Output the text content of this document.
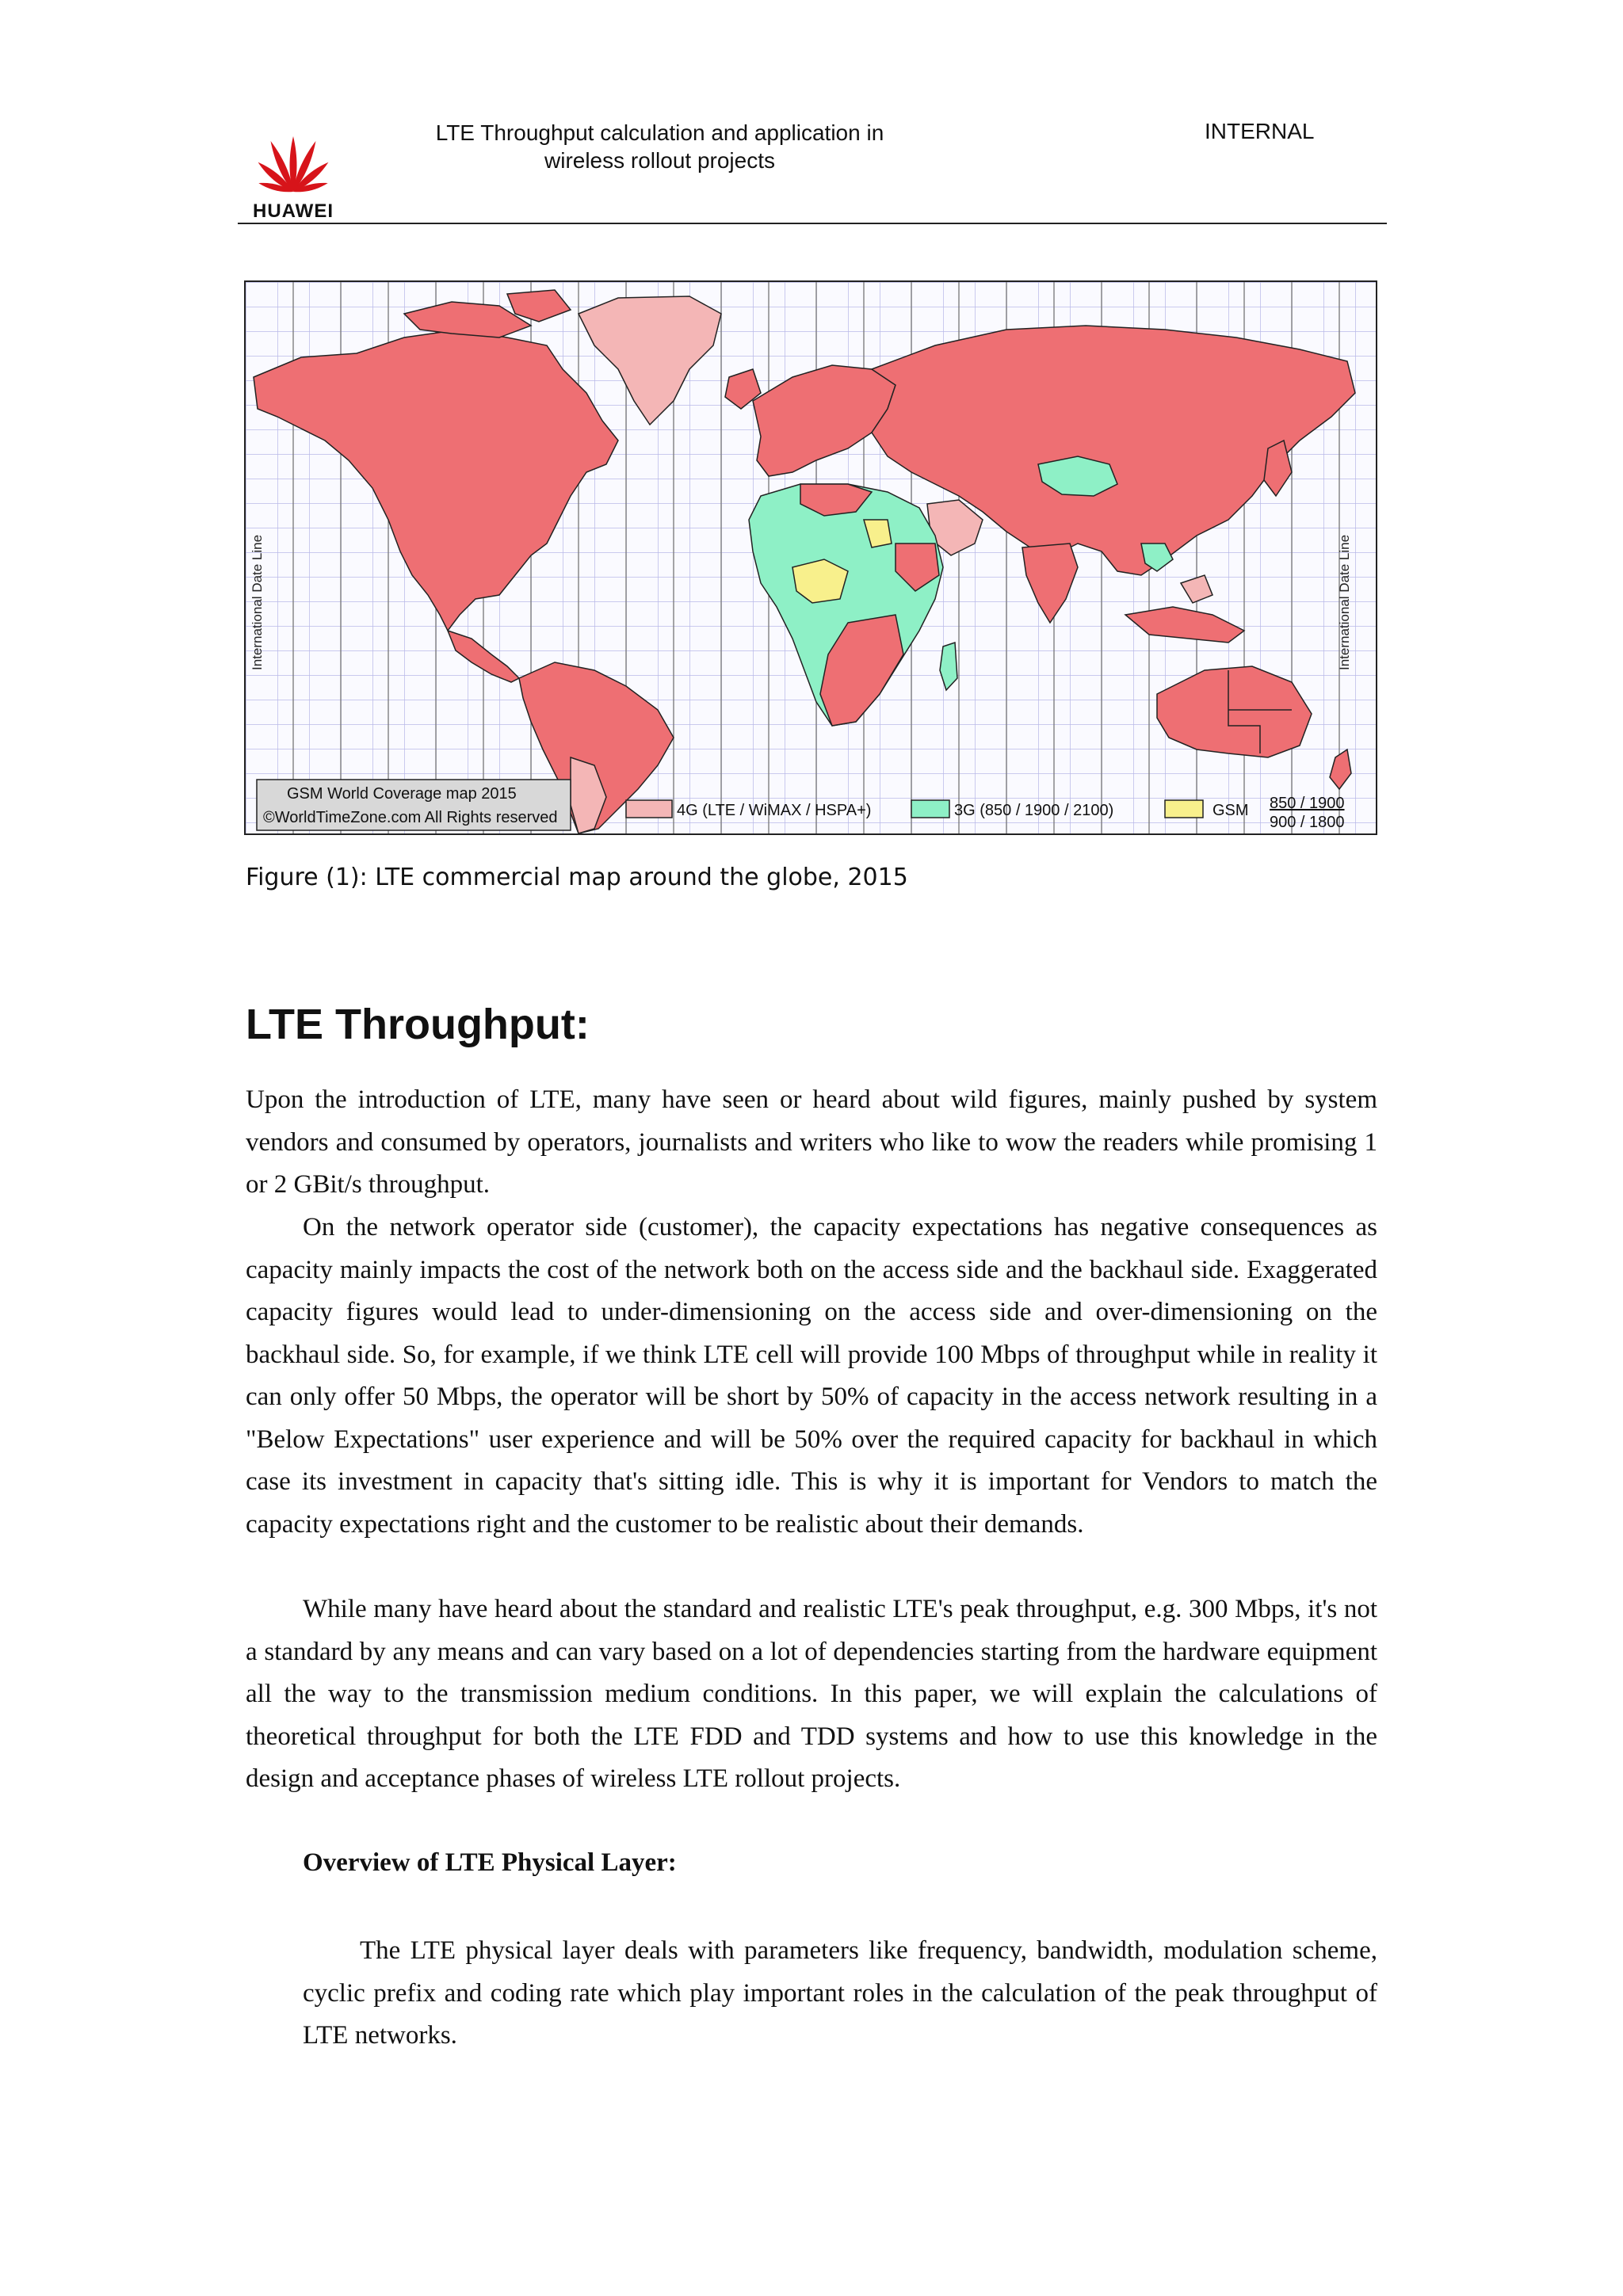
HUAWEI
LTE Throughput calculation and application in wireless rollout projects
INTERNAL
International Date Line	International Date Line
GSM World Coverage map 2015
©WorldTimeZone.com All Rights reserved	4G (LTE / WiMAX / HSPA+)	3G (850 / 1900 / 2100)	GSM 850 / 1900
900 / 1800
Figure (1): LTE commercial map around the globe, 2015
LTE Throughput:

Upon the introduction of LTE, many have seen or heard about wild figures, mainly pushed by system vendors and consumed by operators, journalists and writers who like to wow the readers while promising 1 or 2 GBit/s throughput.

On the network operator side (customer), the capacity expectations has negative consequences as capacity mainly impacts the cost of the network both on the access side and the backhaul side. Exaggerated capacity figures would lead to under-dimensioning on the access side and over-dimensioning on the backhaul side. So, for example, if we think LTE cell will provide 100 Mbps of throughput while in reality it can only offer 50 Mbps, the operator will be short by 50% of capacity in the access network resulting in a "Below Expectations" user experience and will be 50% over the required capacity for backhaul in which case its investment in capacity that's sitting idle. This is why it is important for Vendors to match the capacity expectations right and the customer to be realistic about their demands.

While many have heard about the standard and realistic LTE's peak throughput, e.g. 300 Mbps, it's not a standard by any means and can vary based on a lot of dependencies starting from the hardware equipment all the way to the transmission medium conditions. In this paper, we will explain the calculations of theoretical throughput for both the LTE FDD and TDD systems and how to use this knowledge in the design and acceptance phases of wireless LTE rollout projects.

Overview of LTE Physical Layer:

The LTE physical layer deals with parameters like frequency, bandwidth, modulation scheme, cyclic prefix and coding rate which play important roles in the calculation of the peak throughput of LTE networks.
